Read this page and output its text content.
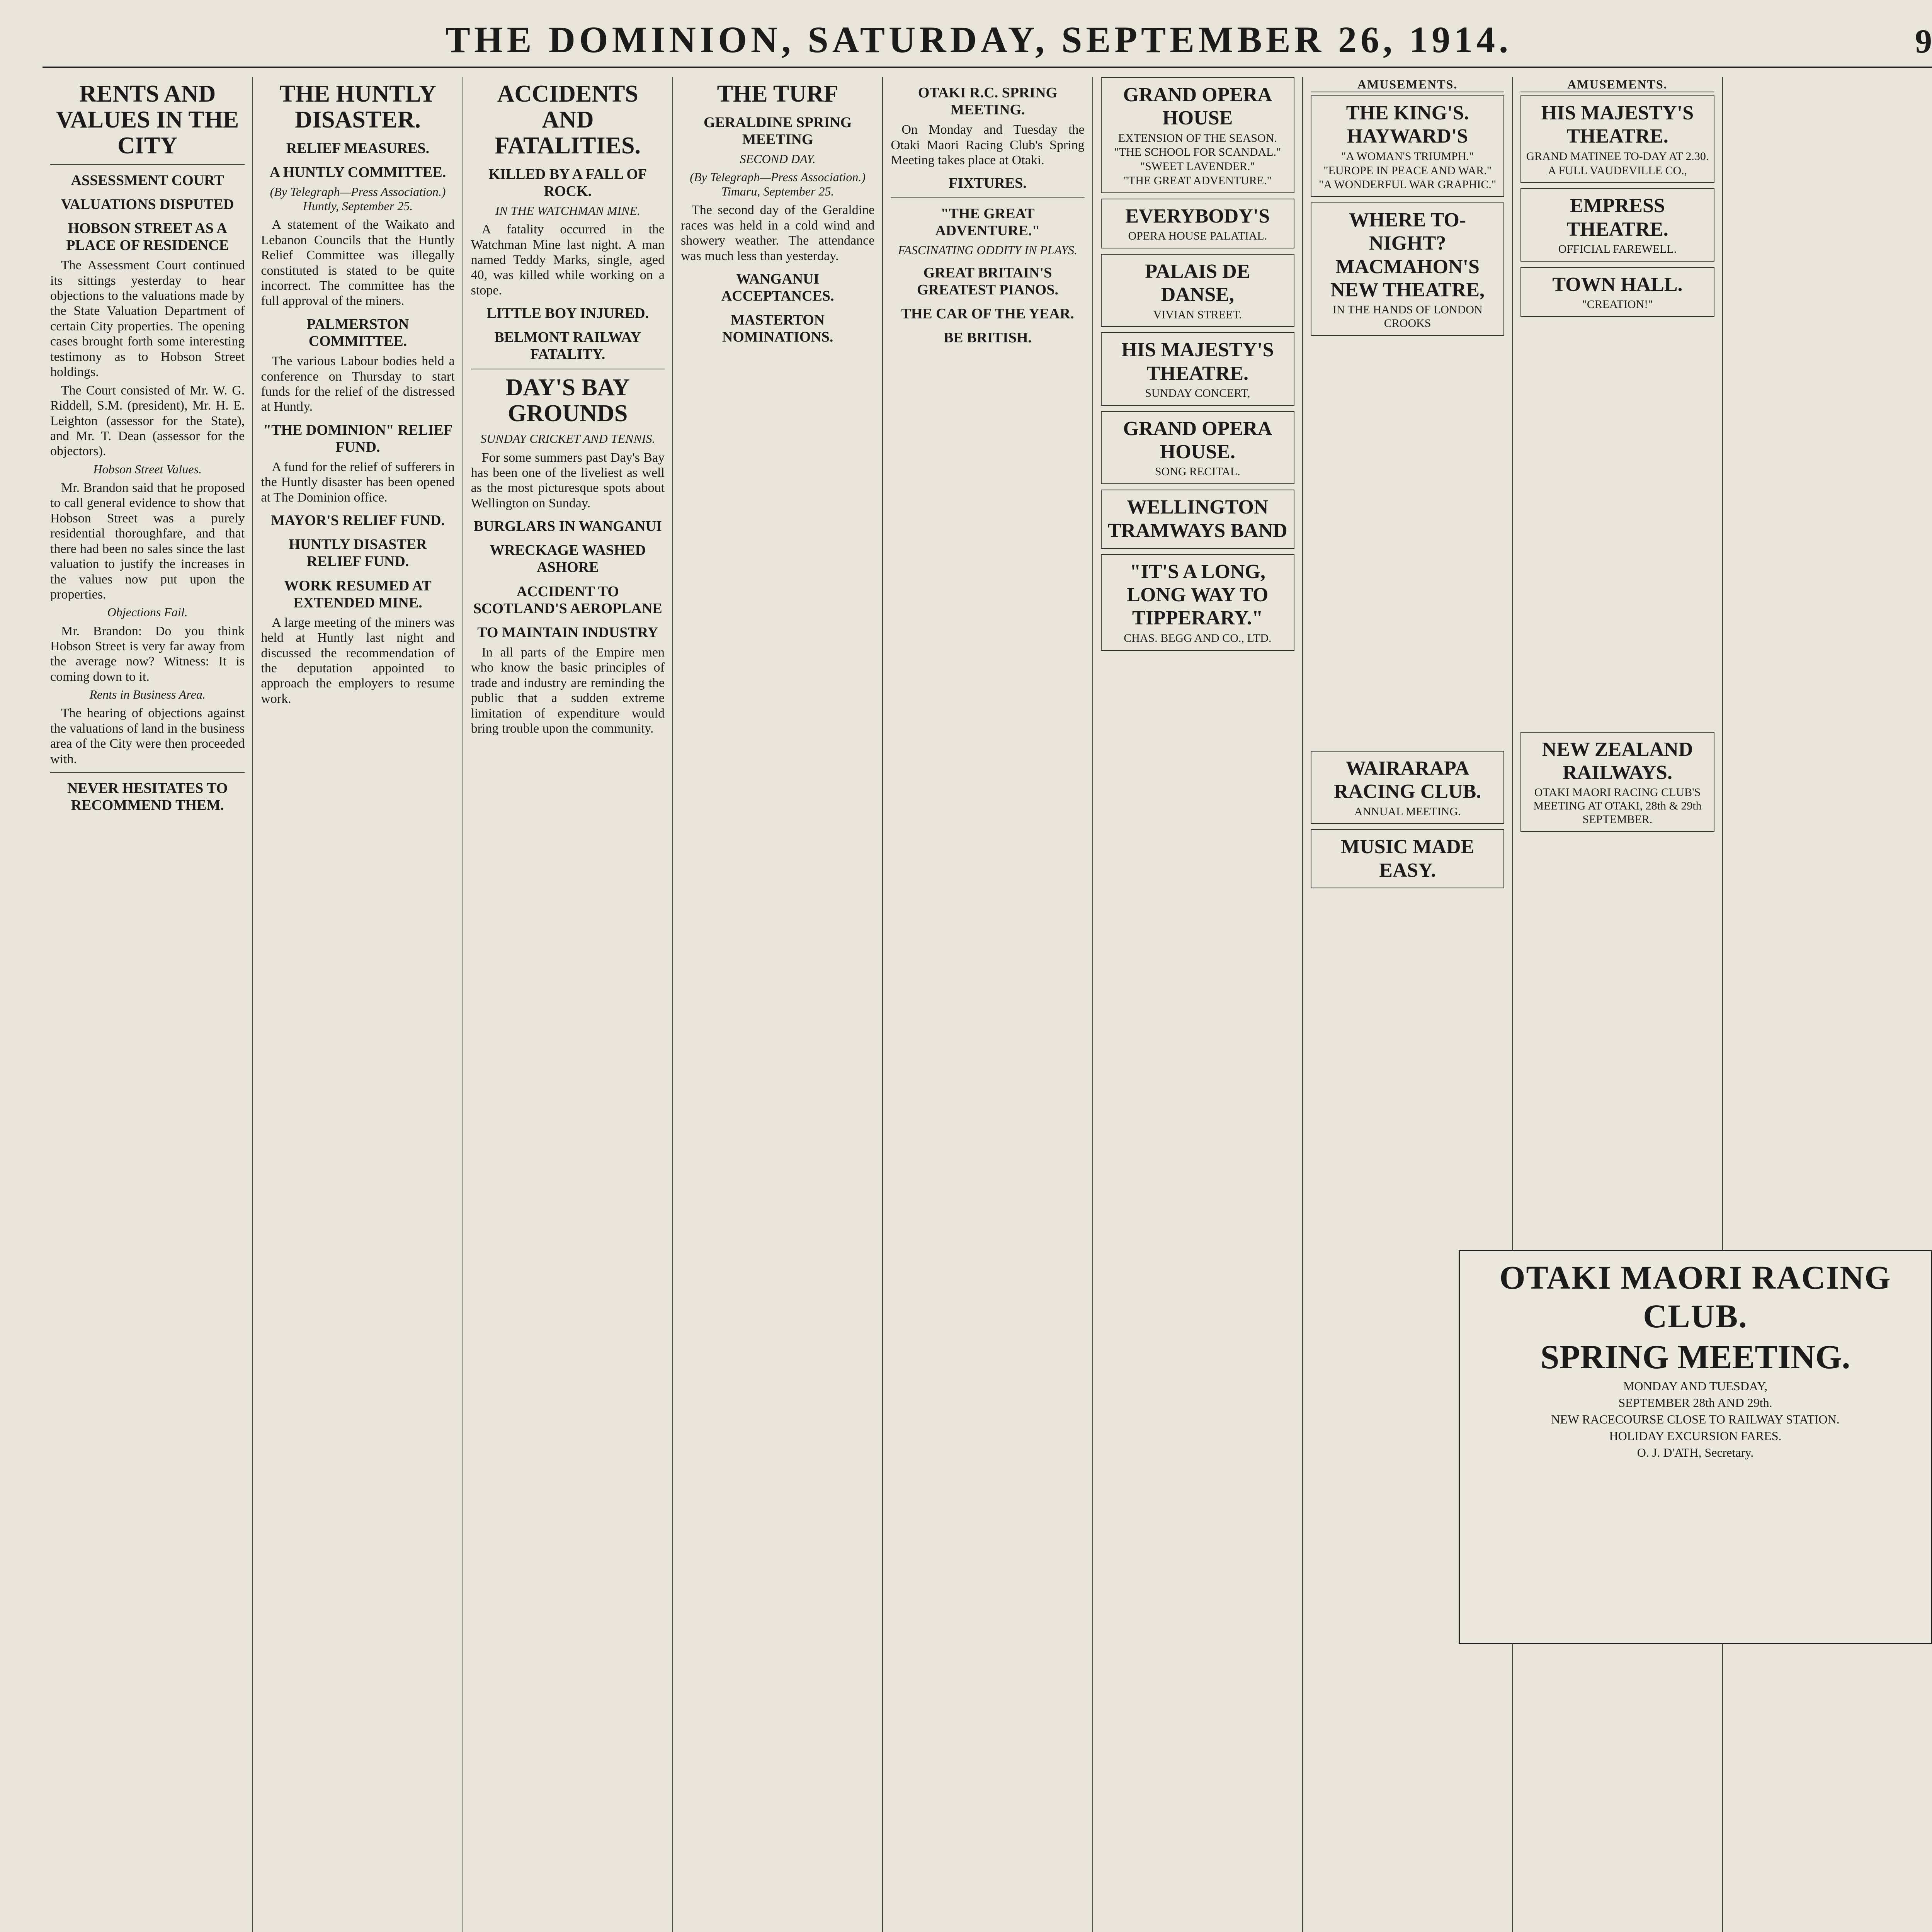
THE DOMINION, SATURDAY, SEPTEMBER 26, 1914.	9
RENTS AND VALUES IN THE CITY
ASSESSMENT COURT
VALUATIONS DISPUTED
HOBSON STREET AS A PLACE OF RESIDENCE

The Assessment Court continued its sittings yesterday to hear objections to the valuations made by the State Valuation Department of certain City properties. The opening cases brought forth some interesting testimony as to Hobson Street holdings.

The Court consisted of Mr. W. G. Riddell, S.M. (president), Mr. H. E. Leighton (assessor for the State), and Mr. T. Dean (assessor for the objectors).

Hobson Street Values.

Mr. Brandon said that he proposed to call general evidence to show that Hobson Street was a purely residential thoroughfare, and that there had been no sales since the last valuation to justify the increases in the values now put upon the properties.

Objections Fail.

Mr. Brandon: Do you think Hobson Street is very far away from the average now? Witness: It is coming down to it.

Rents in Business Area.

The hearing of objections against the valuations of land in the business area of the City were then proceeded with.

NEVER HESITATES TO RECOMMEND THEM.
THE HUNTLY DISASTER.
RELIEF MEASURES.
A HUNTLY COMMITTEE.
(By Telegraph—Press Association.) Huntly, September 25.

A statement of the Waikato and Lebanon Councils that the Huntly Relief Committee was illegally constituted is stated to be quite incorrect. The committee has the full approval of the miners.

PALMERSTON COMMITTEE.

The various Labour bodies held a conference on Thursday to start funds for the relief of the distressed at Huntly.

"THE DOMINION" RELIEF FUND.

A fund for the relief of sufferers in the Huntly disaster has been opened at The Dominion office.

MAYOR'S RELIEF FUND.
HUNTLY DISASTER RELIEF FUND.
WORK RESUMED AT EXTENDED MINE.

A large meeting of the miners was held at Huntly last night and discussed the recommendation of the deputation appointed to approach the employers to resume work.

ACCIDENTS AND FATALITIES.
KILLED BY A FALL OF ROCK.
IN THE WATCHMAN MINE.

A fatality occurred in the Watchman Mine last night. A man named Teddy Marks, single, aged 40, was killed while working on a stope.

LITTLE BOY INJURED.
BELMONT RAILWAY FATALITY.
DAY'S BAY GROUNDS
SUNDAY CRICKET AND TENNIS.

For some summers past Day's Bay has been one of the liveliest as well as the most picturesque spots about Wellington on Sunday.

BURGLARS IN WANGANUI
WRECKAGE WASHED ASHORE
ACCIDENT TO SCOTLAND'S AEROPLANE
TO MAINTAIN INDUSTRY

In all parts of the Empire men who know the basic principles of trade and industry are reminding the public that a sudden extreme limitation of expenditure would bring trouble upon the community.

THE TURF
GERALDINE SPRING MEETING
SECOND DAY.
(By Telegraph—Press Association.) Timaru, September 25.

The second day of the Geraldine races was held in a cold wind and showery weather. The attendance was much less than yesterday.

WANGANUI ACCEPTANCES.
MASTERTON NOMINATIONS.
OTAKI R.C. SPRING MEETING.

On Monday and Tuesday the Otaki Maori Racing Club's Spring Meeting takes place at Otaki.

FIXTURES.
"THE GREAT ADVENTURE."
FASCINATING ODDITY IN PLAYS.
GREAT BRITAIN'S GREATEST PIANOS.
THE CAR OF THE YEAR.
BE BRITISH.
GRAND OPERA HOUSE
EXTENSION OF THE SEASON.
"THE SCHOOL FOR SCANDAL."
"SWEET LAVENDER."
"THE GREAT ADVENTURE."
EVERYBODY'S
OPERA HOUSE PALATIAL.
PALAIS DE DANSE,
VIVIAN STREET.
HIS MAJESTY'S THEATRE.
SUNDAY CONCERT,
GRAND OPERA HOUSE.
SONG RECITAL.
WELLINGTON TRAMWAYS BAND
"IT'S A LONG, LONG WAY TO TIPPERARY."
CHAS. BEGG AND CO., LTD.
AMUSEMENTS.
THE KING'S. HAYWARD'S
"A WOMAN'S TRIUMPH."
"EUROPE IN PEACE AND WAR."
"A WONDERFUL WAR GRAPHIC."
WHERE TO-NIGHT? MACMAHON'S NEW THEATRE,
IN THE HANDS OF LONDON CROOKS
WAIRARAPA RACING CLUB.
ANNUAL MEETING.
MUSIC MADE EASY.
AMUSEMENTS.
HIS MAJESTY'S THEATRE.
GRAND MATINEE TO-DAY AT 2.30.
A FULL VAUDEVILLE CO.,
EMPRESS THEATRE.
OFFICIAL FAREWELL.
TOWN HALL.
"CREATION!"
NEW ZEALAND RAILWAYS.
OTAKI MAORI RACING CLUB'S MEETING AT OTAKI, 28th & 29th SEPTEMBER.
OTAKI MAORI RACING CLUB.
SPRING MEETING.
MONDAY AND TUESDAY,
SEPTEMBER 28th AND 29th.
NEW RACECOURSE CLOSE TO RAILWAY STATION.
HOLIDAY EXCURSION FARES.
O. J. D'ATH, Secretary.
